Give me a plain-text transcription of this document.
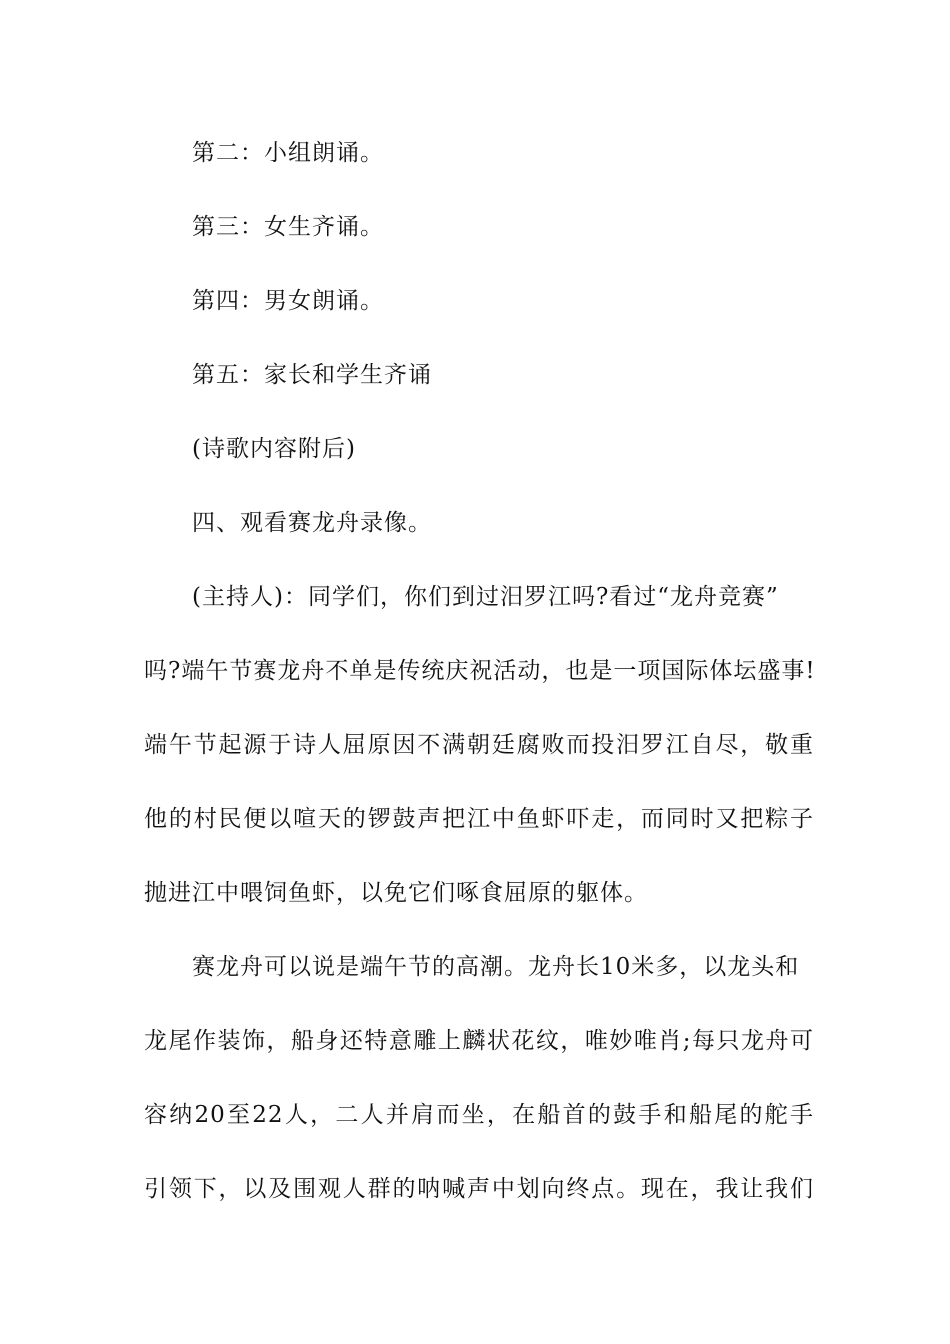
第二：小组朗诵。
第三：女生齐诵。
第四：男女朗诵。
第五：家长和学生齐诵
(诗歌内容附后)
四、观看赛龙舟录像。
(主持人)：同学们，你们到过汨罗江吗?看过“龙舟竞赛”
吗?端午节赛龙舟不单是传统庆祝活动，也是一项国际体坛盛事!
端午节起源于诗人屈原因不满朝廷腐败而投汨罗江自尽，敬重
他的村民便以喧天的锣鼓声把江中鱼虾吓走，而同时又把粽子
抛进江中喂饲鱼虾，以免它们啄食屈原的躯体。
赛龙舟可以说是端午节的高潮。龙舟长10米多，以龙头和
龙尾作装饰，船身还特意雕上麟状花纹，唯妙唯肖;每只龙舟可
容纳20至22人，二人并肩而坐，在船首的鼓手和船尾的舵手
引领下，以及围观人群的呐喊声中划向终点。现在，我让我们
